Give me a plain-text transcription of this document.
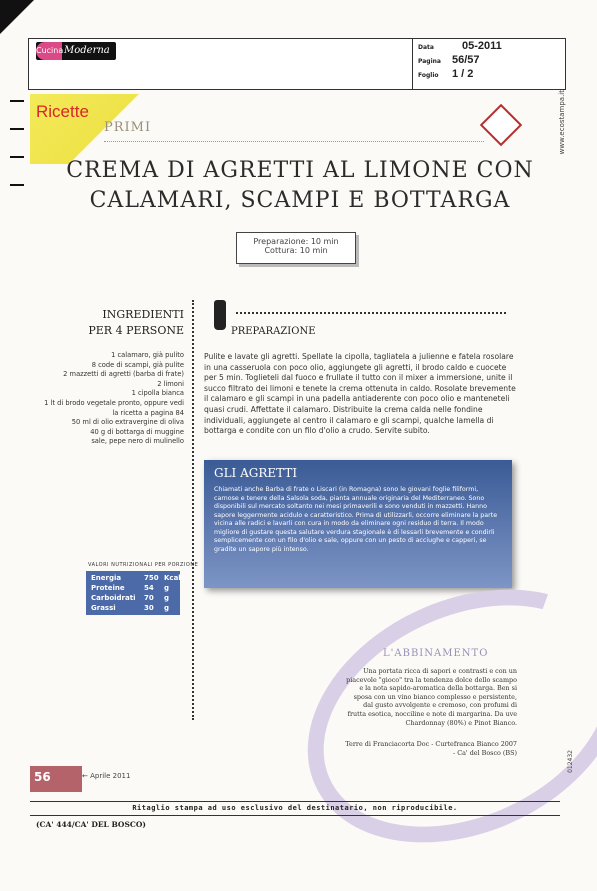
Cucina Moderna	Data	05-2011
Pagina 56/57
Foglio 1 / 2
www.ecostampa.it
Ricette
PRIMI
CREMA DI AGRETTI AL LIMONE CON
CALAMARI, SCAMPI E BOTTARGA
Preparazione: 10 min
Cottura: 10 min
INGREDIENTI
PER 4 PERSONE
1 calamaro, già pulito
8 code di scampi, già pulite
2 mazzetti di agretti (barba di frate)
2 limoni
1 cipolla bianca
1 lt di brodo vegetale pronto, oppure vedi
la ricetta a pagina 84
50 ml di olio extravergine di oliva
40 g di bottarga di muggine
sale, pepe nero di mulinello
PREPARAZIONE
Pulite e lavate gli agretti. Spellate la cipolla, tagliatela a julienne e fatela rosolare in una casseruola con poco olio, aggiungete gli agretti, il brodo caldo e cuocete per 5 min. Toglieteli dal fuoco e frullate il tutto con il mixer a immersione, unite il succo filtrato dei limoni e tenete la crema ottenuta in caldo. Rosolate brevemente il calamaro e gli scampi in una padella antiaderente con poco olio e manteneteli quasi crudi. Affettate il calamaro. Distribuite la crema calda nelle fondine individuali, aggiungete al centro il calamaro e gli scampi, qualche lamella di bottarga e condite con un filo d'olio a crudo. Servite subito.
GLI AGRETTI
Chiamati anche Barba di frate o Liscari (in Romagna) sono le giovani foglie filiformi, carnose e tenere della Salsola soda, pianta annuale originaria del Mediterraneo. Sono disponibili sul mercato soltanto nei mesi primaverili e sono venduti in mazzetti. Hanno sapore leggermente acidulo e caratteristico. Prima di utilizzarli, occorre eliminare la parte vicina alle radici e lavarli con cura in modo da eliminare ogni residuo di terra. Il modo migliore di gustare questa salutare verdura stagionale è di lessarli brevemente e condirli semplicemente con un filo d'olio e sale, oppure con un pesto di acciughe e capperi, se gradite un sapore più intenso.
VALORI NUTRIZIONALI PER PORZIONE
Energia	750 Kcal
Proteine	54 g
Carboidrati 70 g
Grassi	30 g
L'ABBINAMENTO
Una portata ricca di sapori e contrasti e con un piacevole "gioco" tra la tendenza dolce dello scampo e la nota sapido-aromatica della bottarga. Ben si sposa con un vino bianco complesso e persistente, dal gusto avvolgente e cremoso, con profumi di frutta esotica, nocciline e note di margarina. Da uve Chardonnay (80%) e Pinot Bianco.
Terre di Franciacorta Doc - Curtefranca Bianco 2007 - Ca' del Bosco (BS)
56	← Aprile 2011
012432
Ritaglio stampa ad uso esclusivo del destinatario, non riproducibile.
(CA' 444/CA' DEL BOSCO)
